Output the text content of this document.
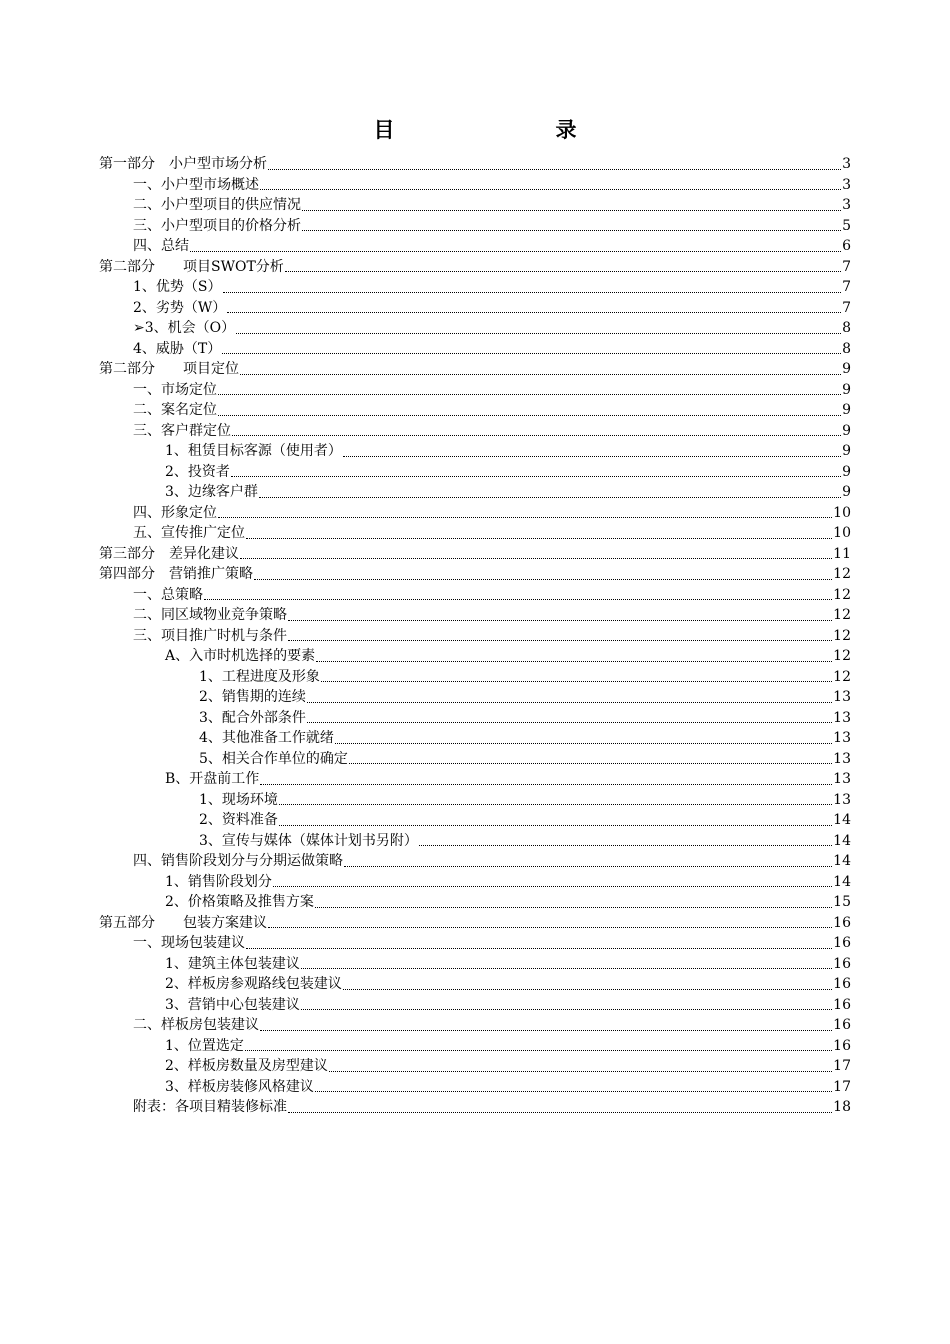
目　录
第一部分　小户型市场分析	3
一、小户型市场概述	3
二、小户型项目的供应情况	3
三、小户型项目的价格分析	5
四、总结	6
第二部分　　项目SWOT分析	7
1、优势（S）	7
2、劣势（W）	7
➢3、机会（O）	8
4、威胁（T）	8
第二部分　　项目定位	9
一、市场定位	9
二、案名定位	9
三、客户群定位	9
1、租赁目标客源（使用者）	9
2、投资者	9
3、边缘客户群	9
四、形象定位	10
五、宣传推广定位	10
第三部分　差异化建议	11
第四部分　营销推广策略	12
一、总策略	12
二、同区域物业竞争策略	12
三、项目推广时机与条件	12
A、入市时机选择的要素	12
1、工程进度及形象	12
2、销售期的连续	13
3、配合外部条件	13
4、其他准备工作就绪	13
5、相关合作单位的确定	13
B、开盘前工作	13
1、现场环境	13
2、资料准备	14
3、宣传与媒体（媒体计划书另附）	14
四、销售阶段划分与分期运做策略	14
1、销售阶段划分	14
2、价格策略及推售方案	15
第五部分　　包装方案建议	16
一、现场包装建议	16
1、建筑主体包装建议	16
2、样板房参观路线包装建议	16
3、营销中心包装建议	16
二、样板房包装建议	16
1、位置选定	16
2、样板房数量及房型建议	17
3、样板房装修风格建议	17
附表：各项目精装修标准	18
